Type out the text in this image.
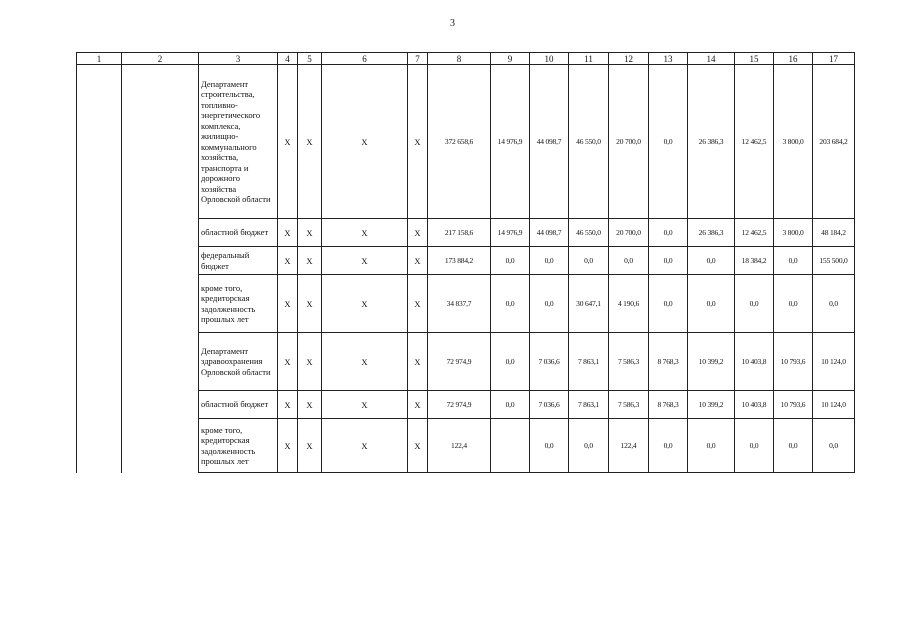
3
1	2	3	4	5	6	7	8	9	10	11	12	13	14	15	16	17
		Департамент строительства, топливно-энергетического комплекса, жилищно-коммунального хозяйства, транспорта и дорожного хозяйства Орловской области	X	X	X	X	372 658,6	14 976,9	44 098,7	46 550,0	20 700,0	0,0	26 386,3	12 462,5	3 800,0	203 684,2
		областной бюджет	X	X	X	X	217 158,6	14 976,9	44 098,7	46 550,0	20 700,0	0,0	26 386,3	12 462,5	3 800,0	48 184,2
		федеральный бюджет	X	X	X	X	173 884,2	0,0	0,0	0,0	0,0	0,0	0,0	18 384,2	0,0	155 500,0
		кроме того, кредиторская задолженность прошлых лет	X	X	X	X	34 837,7	0,0	0,0	30 647,1	4 190,6	0,0	0,0	0,0	0,0	0,0
		Департамент здравоохранения Орловской области	X	X	X	X	72 974,9	0,0	7 036,6	7 863,1	7 586,3	8 768,3	10 399,2	10 403,8	10 793,6	10 124,0
		областной бюджет	X	X	X	X	72 974,9	0,0	7 036,6	7 863,1	7 586,3	8 768,3	10 399,2	10 403,8	10 793,6	10 124,0
		кроме того, кредиторская задолженность прошлых лет	X	X	X	X	122,4		0,0	0,0	122,4	0,0	0,0	0,0	0,0	0,0
